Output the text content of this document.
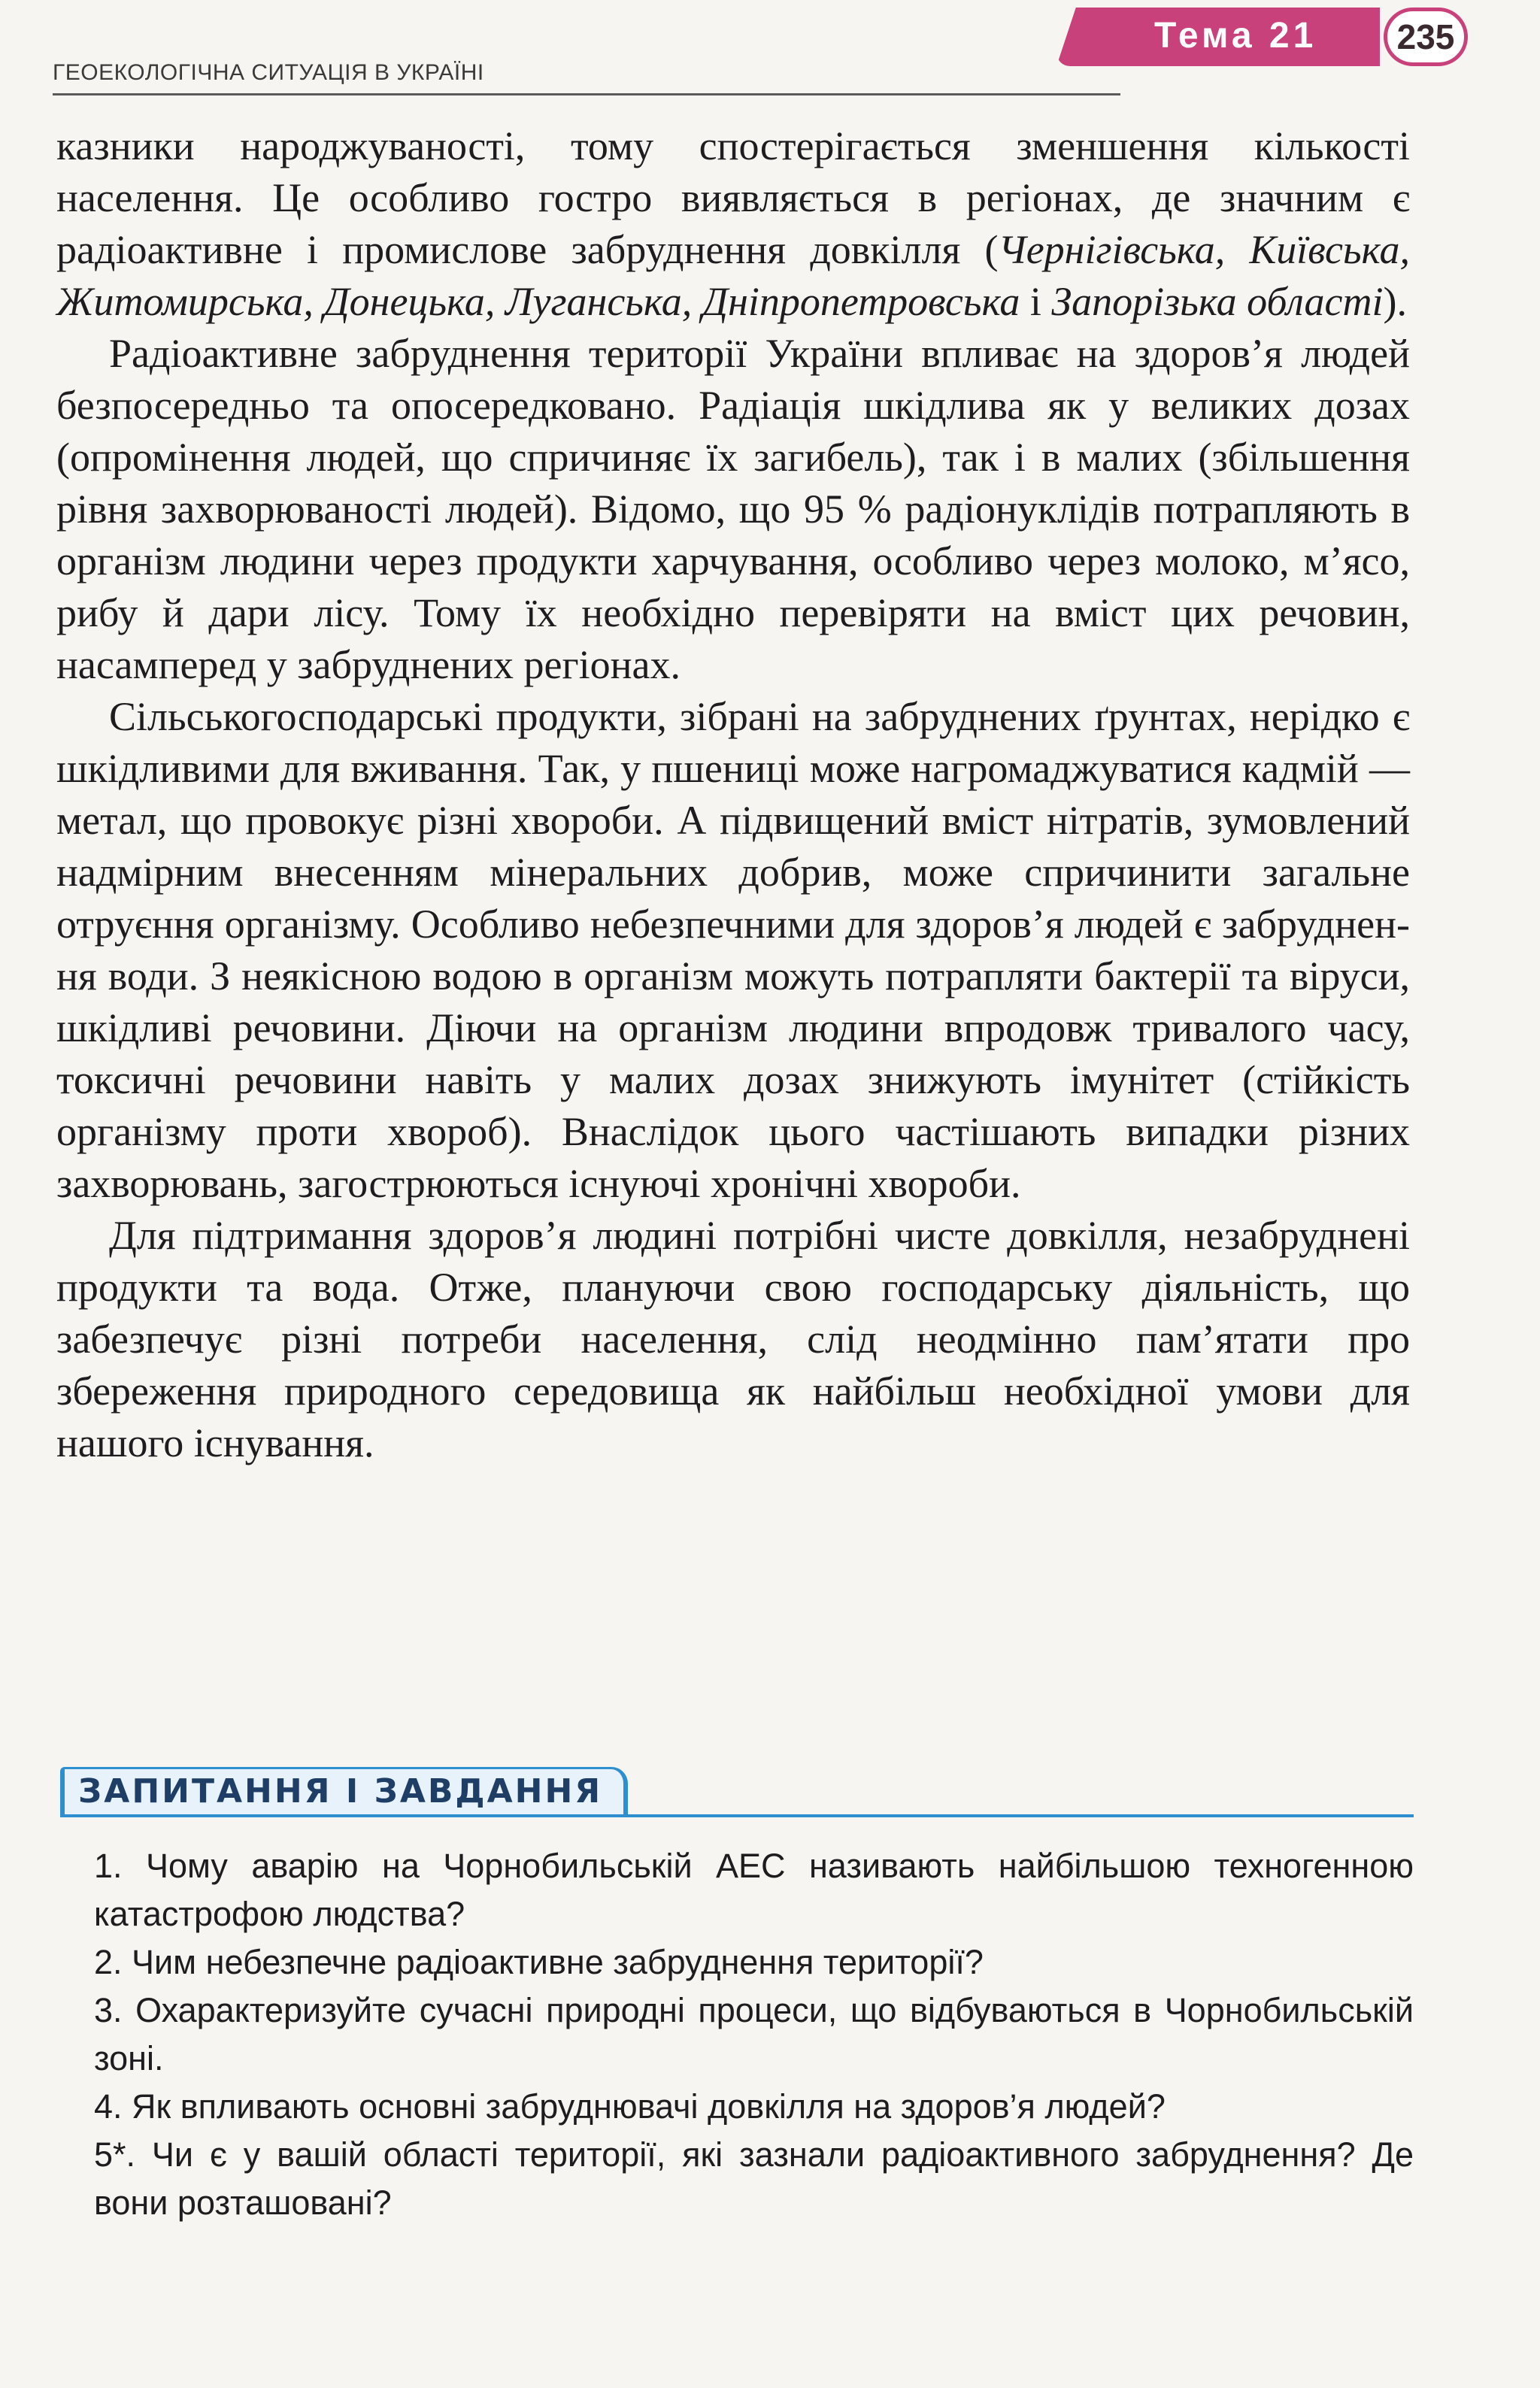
ГЕОЕКОЛОГІЧНА СИТУАЦІЯ В УКРАЇНІ
Тема 21	235

казники народжуваності, тому спостерігається зменшення кількості населення. Це особливо гостро виявляється в регіонах, де значним є радіоактивне і промислове забруднення довкілля (Чернігівська, Київська, Житомирська, Донецька, Луганська, Дніпропетровська і Запорізька області).

Радіоактивне забруднення території України впливає на здоров’я людей безпосередньо та опосередковано. Радіація шкідлива як у великих дозах (опромінення людей, що спричиняє їх загибель), так і в малих (збільшення рівня захворюваності людей). Відомо, що 95 % радіонуклідів потрапляють в організм людини через продукти харчування, особливо через молоко, м’ясо, рибу й дари лісу. Тому їх необхідно перевіряти на вміст цих речовин, насамперед у забруднених регіонах.

Сільськогосподарські продукти, зібрані на забруднених ґрунтах, нерідко є шкідливими для вживання. Так, у пшениці може нагромаджуватися кадмій — метал, що провокує різні хвороби. А підвищений вміст нітратів, зумовлений надмірним внесенням мінеральних добрив, може спричинити загальне отруєння організму. Особливо небезпечними для здоров’я людей є забруднення води. З неякісною водою в організм можуть потрапляти бактерії та віруси, шкідливі речовини. Діючи на організм людини впродовж тривалого часу, токсичні речовини навіть у малих дозах знижують імунітет (стійкість організму проти хвороб). Внаслідок цього частішають випадки різних захворювань, загострюються існуючі хронічні хвороби.

Для підтримання здоров’я людині потрібні чисте довкілля, незабруднені продукти та вода. Отже, плануючи свою господарську діяльність, що забезпечує різні потреби населення, слід неодмінно пам’ятати про збереження природного середовища як найбільш необхідної умови для нашого існування.

ЗАПИТАННЯ І ЗАВДАННЯ

1. Чому аварію на Чорнобильській АЕС називають найбільшою техногенною катастрофою людства?

2. Чим небезпечне радіоактивне забруднення території?

3. Охарактеризуйте сучасні природні процеси, що відбуваються в Чорнобильській зоні.

4. Як впливають основні забруднювачі довкілля на здоров’я людей?

5*. Чи є у вашій області території, які зазнали радіоактивного забруднення? Де вони розташовані?
